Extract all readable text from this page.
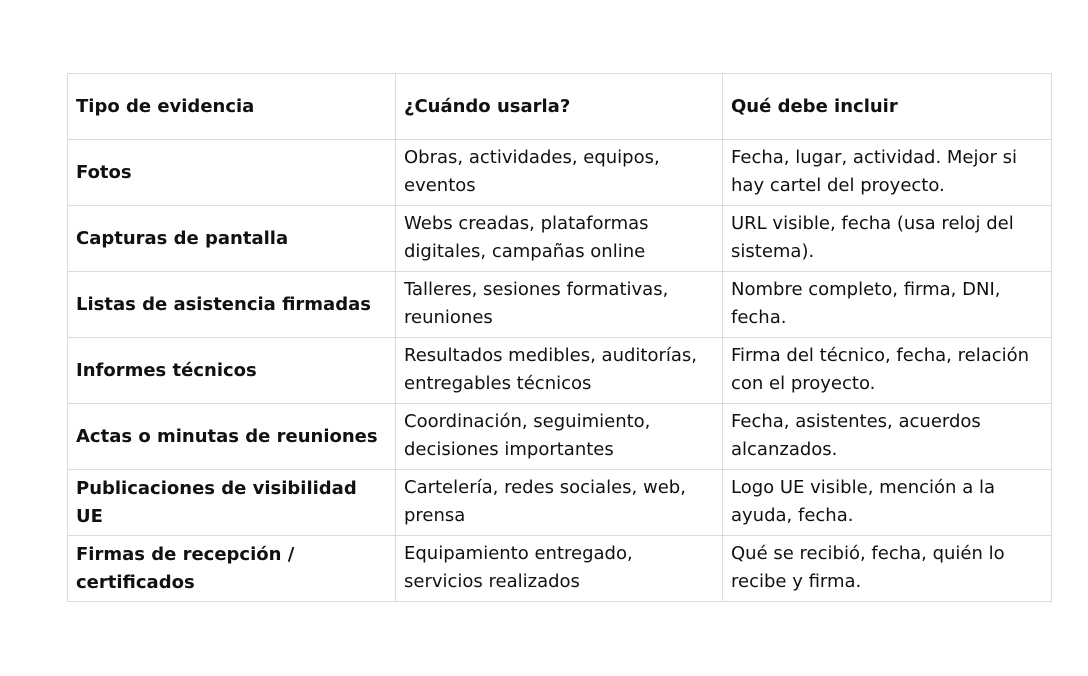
Tipo de evidencia	¿Cuándo usarla?	Qué debe incluir
Fotos	Obras, actividades, equipos, eventos	Fecha, lugar, actividad. Mejor si hay cartel del proyecto.
Capturas de pantalla	Webs creadas, plataformas digitales, campañas online	URL visible, fecha (usa reloj del sistema).
Listas de asistencia firmadas	Talleres, sesiones formativas, reuniones	Nombre completo, firma, DNI, fecha.
Informes técnicos	Resultados medibles, auditorías, entregables técnicos	Firma del técnico, fecha, relación con el proyecto.
Actas o minutas de reuniones	Coordinación, seguimiento, decisiones importantes	Fecha, asistentes, acuerdos alcanzados.
Publicaciones de visibilidad UE	Cartelería, redes sociales, web, prensa	Logo UE visible, mención a la ayuda, fecha.
Firmas de recepción / certificados	Equipamiento entregado, servicios realizados	Qué se recibió, fecha, quién lo recibe y firma.
